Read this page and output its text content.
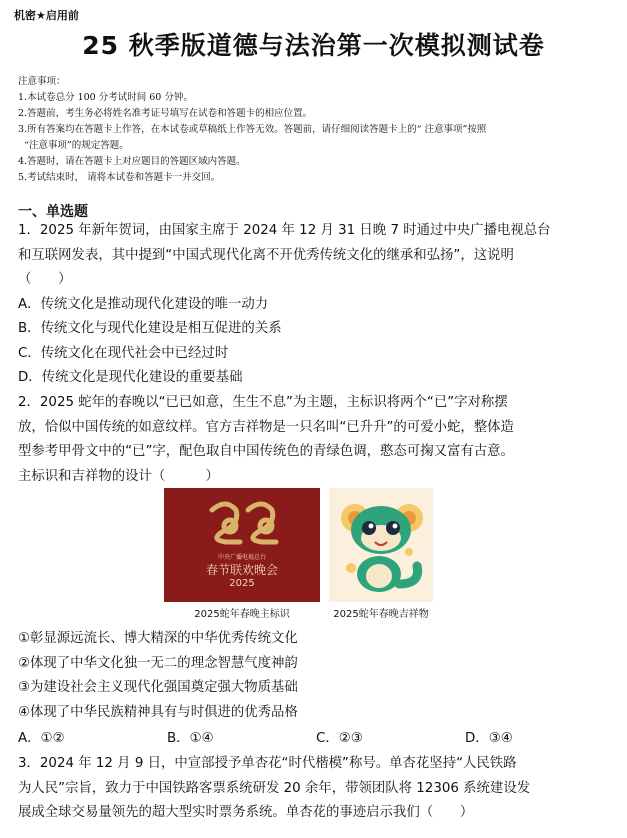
机密★启用前
25 秋季版道德与法治第一次模拟测试卷
注意事项：
1.本试卷总分 100 分考试时间 60 分钟。
2.答题前，考生务必将姓名准考证号填写在试卷和答题卡的相应位置。
3.所有答案均在答题卡上作答，在本试卷或草稿纸上作答无效。答题前，请仔细阅读答题卡上的“ 注意事项”按照
“注意事项”的规定答题。
4.答题时，请在答题卡上对应题目的答题区域内答题。
5.考试结束时， 请将本试卷和答题卡一并交回。
一、单选题
1．2025 年新年贺词，由国家主席于 2024 年 12 月 31 日晚 7 时通过中央广播电视总台
和互联网发表，其中提到“中国式现代化离不开优秀传统文化的继承和弘扬”，这说明
（　　）
A．传统文化是推动现代化建设的唯一动力
B．传统文化与现代化建设是相互促进的关系
C．传统文化在现代社会中已经过时
D．传统文化是现代化建设的重要基础
2．2025 蛇年的春晚以“已已如意，生生不息”为主题，主标识将两个“已”字对称摆
放，恰似中国传统的如意纹样。官方吉祥物是一只名叫“已升升”的可爱小蛇，整体造
型参考甲骨文中的“已”字，配色取自中国传统色的青绿色调，憨态可掬又富有古意。
主标识和吉祥物的设计（　　　）
中央广播电视总台
春节联欢晚会
2025
2025蛇年春晚主标识	2025蛇年春晚吉祥物
①彰显源远流长、博大精深的中华优秀传统文化
②体现了中华文化独一无二的理念智慧气度神韵
③为建设社会主义现代化强国奠定强大物质基础
④体现了中华民族精神具有与时俱进的优秀品格
A．①②	B．①④	C．②③	D．③④
3．2024 年 12 月 9 日，中宣部授予单杏花“时代楷模”称号。单杏花坚持“人民铁路
为人民”宗旨，致力于中国铁路客票系统研发 20 余年，带领团队将 12306 系统建设发
展成全球交易量领先的超大型实时票务系统。单杏花的事迹启示我们（　　）
